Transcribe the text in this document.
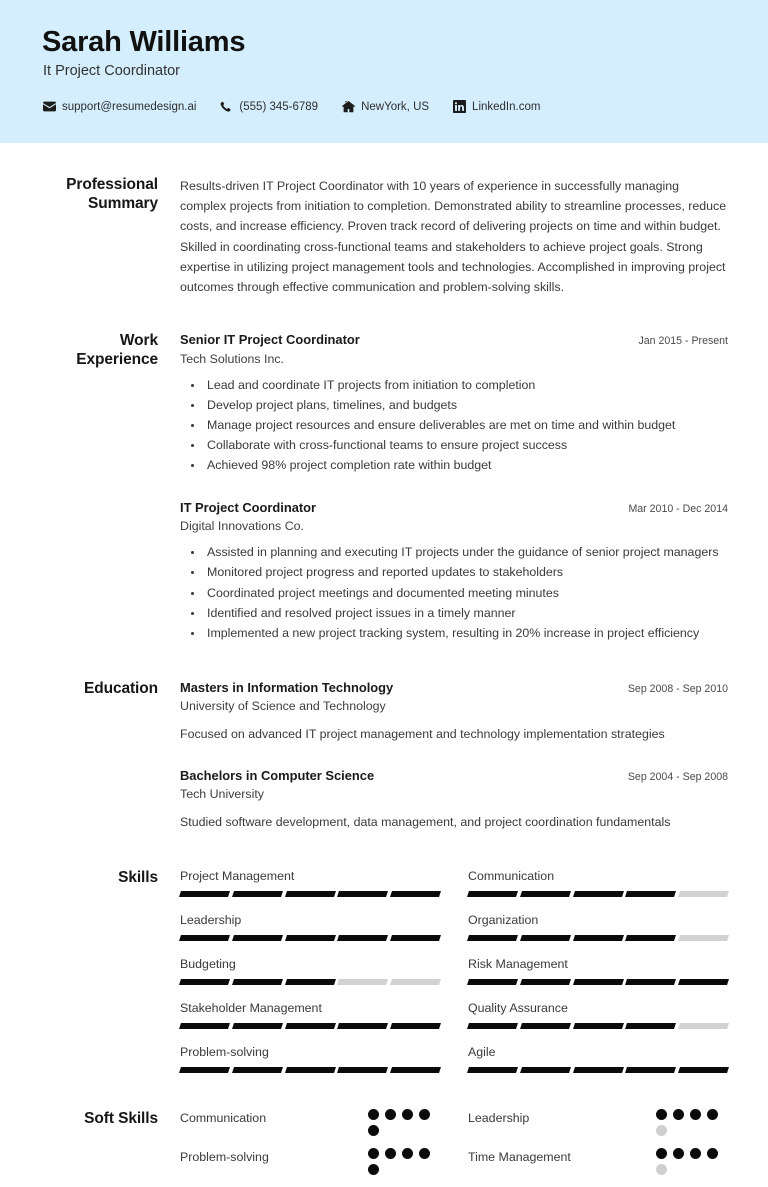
Sarah Williams
It Project Coordinator
support@resumedesign.ai	(555) 345-6789	NewYork, US	LinkedIn.com
Professional Summary

Results-driven IT Project Coordinator with 10 years of experience in successfully managing complex projects from initiation to completion. Demonstrated ability to streamline processes, reduce costs, and increase efficiency. Proven track record of delivering projects on time and within budget. Skilled in coordinating cross-functional teams and stakeholders to achieve project goals. Strong expertise in utilizing project management tools and technologies. Accomplished in improving project outcomes through effective communication and problem-solving skills.

Work Experience
Senior IT Project Coordinator	Jan 2015 - Present
Tech Solutions Inc.
• Lead and coordinate IT projects from initiation to completion
• Develop project plans, timelines, and budgets
• Manage project resources and ensure deliverables are met on time and within budget
• Collaborate with cross-functional teams to ensure project success
• Achieved 98% project completion rate within budget
IT Project Coordinator	Mar 2010 - Dec 2014
Digital Innovations Co.
• Assisted in planning and executing IT projects under the guidance of senior project managers
• Monitored project progress and reported updates to stakeholders
• Coordinated project meetings and documented meeting minutes
• Identified and resolved project issues in a timely manner
• Implemented a new project tracking system, resulting in 20% increase in project efficiency
Education	Masters in Information Technology	Sep 2008 - Sep 2010
University of Science and Technology
Focused on advanced IT project management and technology implementation strategies
Bachelors in Computer Science	Sep 2004 - Sep 2008
Tech University
Studied software development, data management, and project coordination fundamentals
Skills	Project Management	Communication
Leadership	Organization
Budgeting	Risk Management
Stakeholder Management	Quality Assurance
Problem-solving	Agile
Soft Skills	Communication	Leadership
Problem-solving	Time Management
